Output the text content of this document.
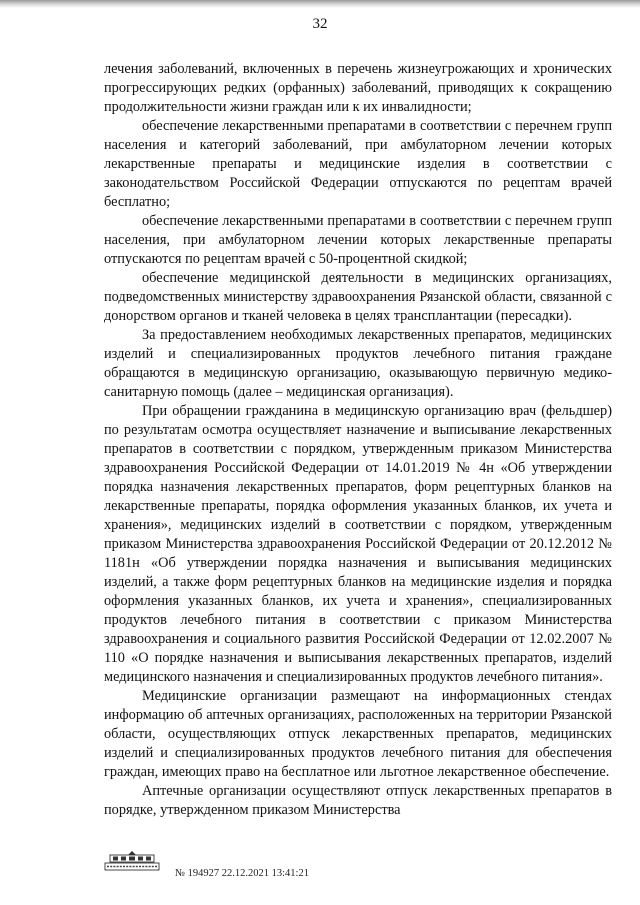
32

лечения заболеваний, включенных в перечень жизнеугрожающих и хронических прогрессирующих редких (орфанных) заболеваний, приводящих к сокращению продолжительности жизни граждан или к их инвалидности;

обеспечение лекарственными препаратами в соответствии с перечнем групп населения и категорий заболеваний, при амбулаторном лечении которых лекарственные препараты и медицинские изделия в соответствии с законодательством Российской Федерации отпускаются по рецептам врачей бесплатно;

обеспечение лекарственными препаратами в соответствии с перечнем групп населения, при амбулаторном лечении которых лекарственные препараты отпускаются по рецептам врачей с 50-процентной скидкой;

обеспечение медицинской деятельности в медицинских организациях, подведомственных министерству здравоохранения Рязанской области, связанной с донорством органов и тканей человека в целях трансплантации (пересадки).

За предоставлением необходимых лекарственных препаратов, медицинских изделий и специализированных продуктов лечебного питания граждане обращаются в медицинскую организацию, оказывающую первичную медико-санитарную помощь (далее – медицинская организация).

При обращении гражданина в медицинскую организацию врач (фельдшер) по результатам осмотра осуществляет назначение и выписывание лекарственных препаратов в соответствии с порядком, утвержденным приказом Министерства здравоохранения Российской Федерации от 14.01.2019 № 4н «Об утверждении порядка назначения лекарственных препаратов, форм рецептурных бланков на лекарственные препараты, порядка оформления указанных бланков, их учета и хранения», медицинских изделий в соответствии с порядком, утвержденным приказом Министерства здравоохранения Российской Федерации от 20.12.2012 № 1181н «Об утверждении порядка назначения и выписывания медицинских изделий, а также форм рецептурных бланков на медицинские изделия и порядка оформления указанных бланков, их учета и хранения», специализированных продуктов лечебного питания в соответствии с приказом Министерства здравоохранения и социального развития Российской Федерации от 12.02.2007 № 110 «О порядке назначения и выписывания лекарственных препаратов, изделий медицинского назначения и специализированных продуктов лечебного питания».

Медицинские организации размещают на информационных стендах информацию об аптечных организациях, расположенных на территории Рязанской области, осуществляющих отпуск лекарственных препаратов, медицинских изделий и специализированных продуктов лечебного питания для обеспечения граждан, имеющих право на бесплатное или льготное лекарственное обеспечение.

Аптечные организации осуществляют отпуск лекарственных препаратов в порядке, утвержденном приказом Министерства

№ 194927 22.12.2021 13:41:21
